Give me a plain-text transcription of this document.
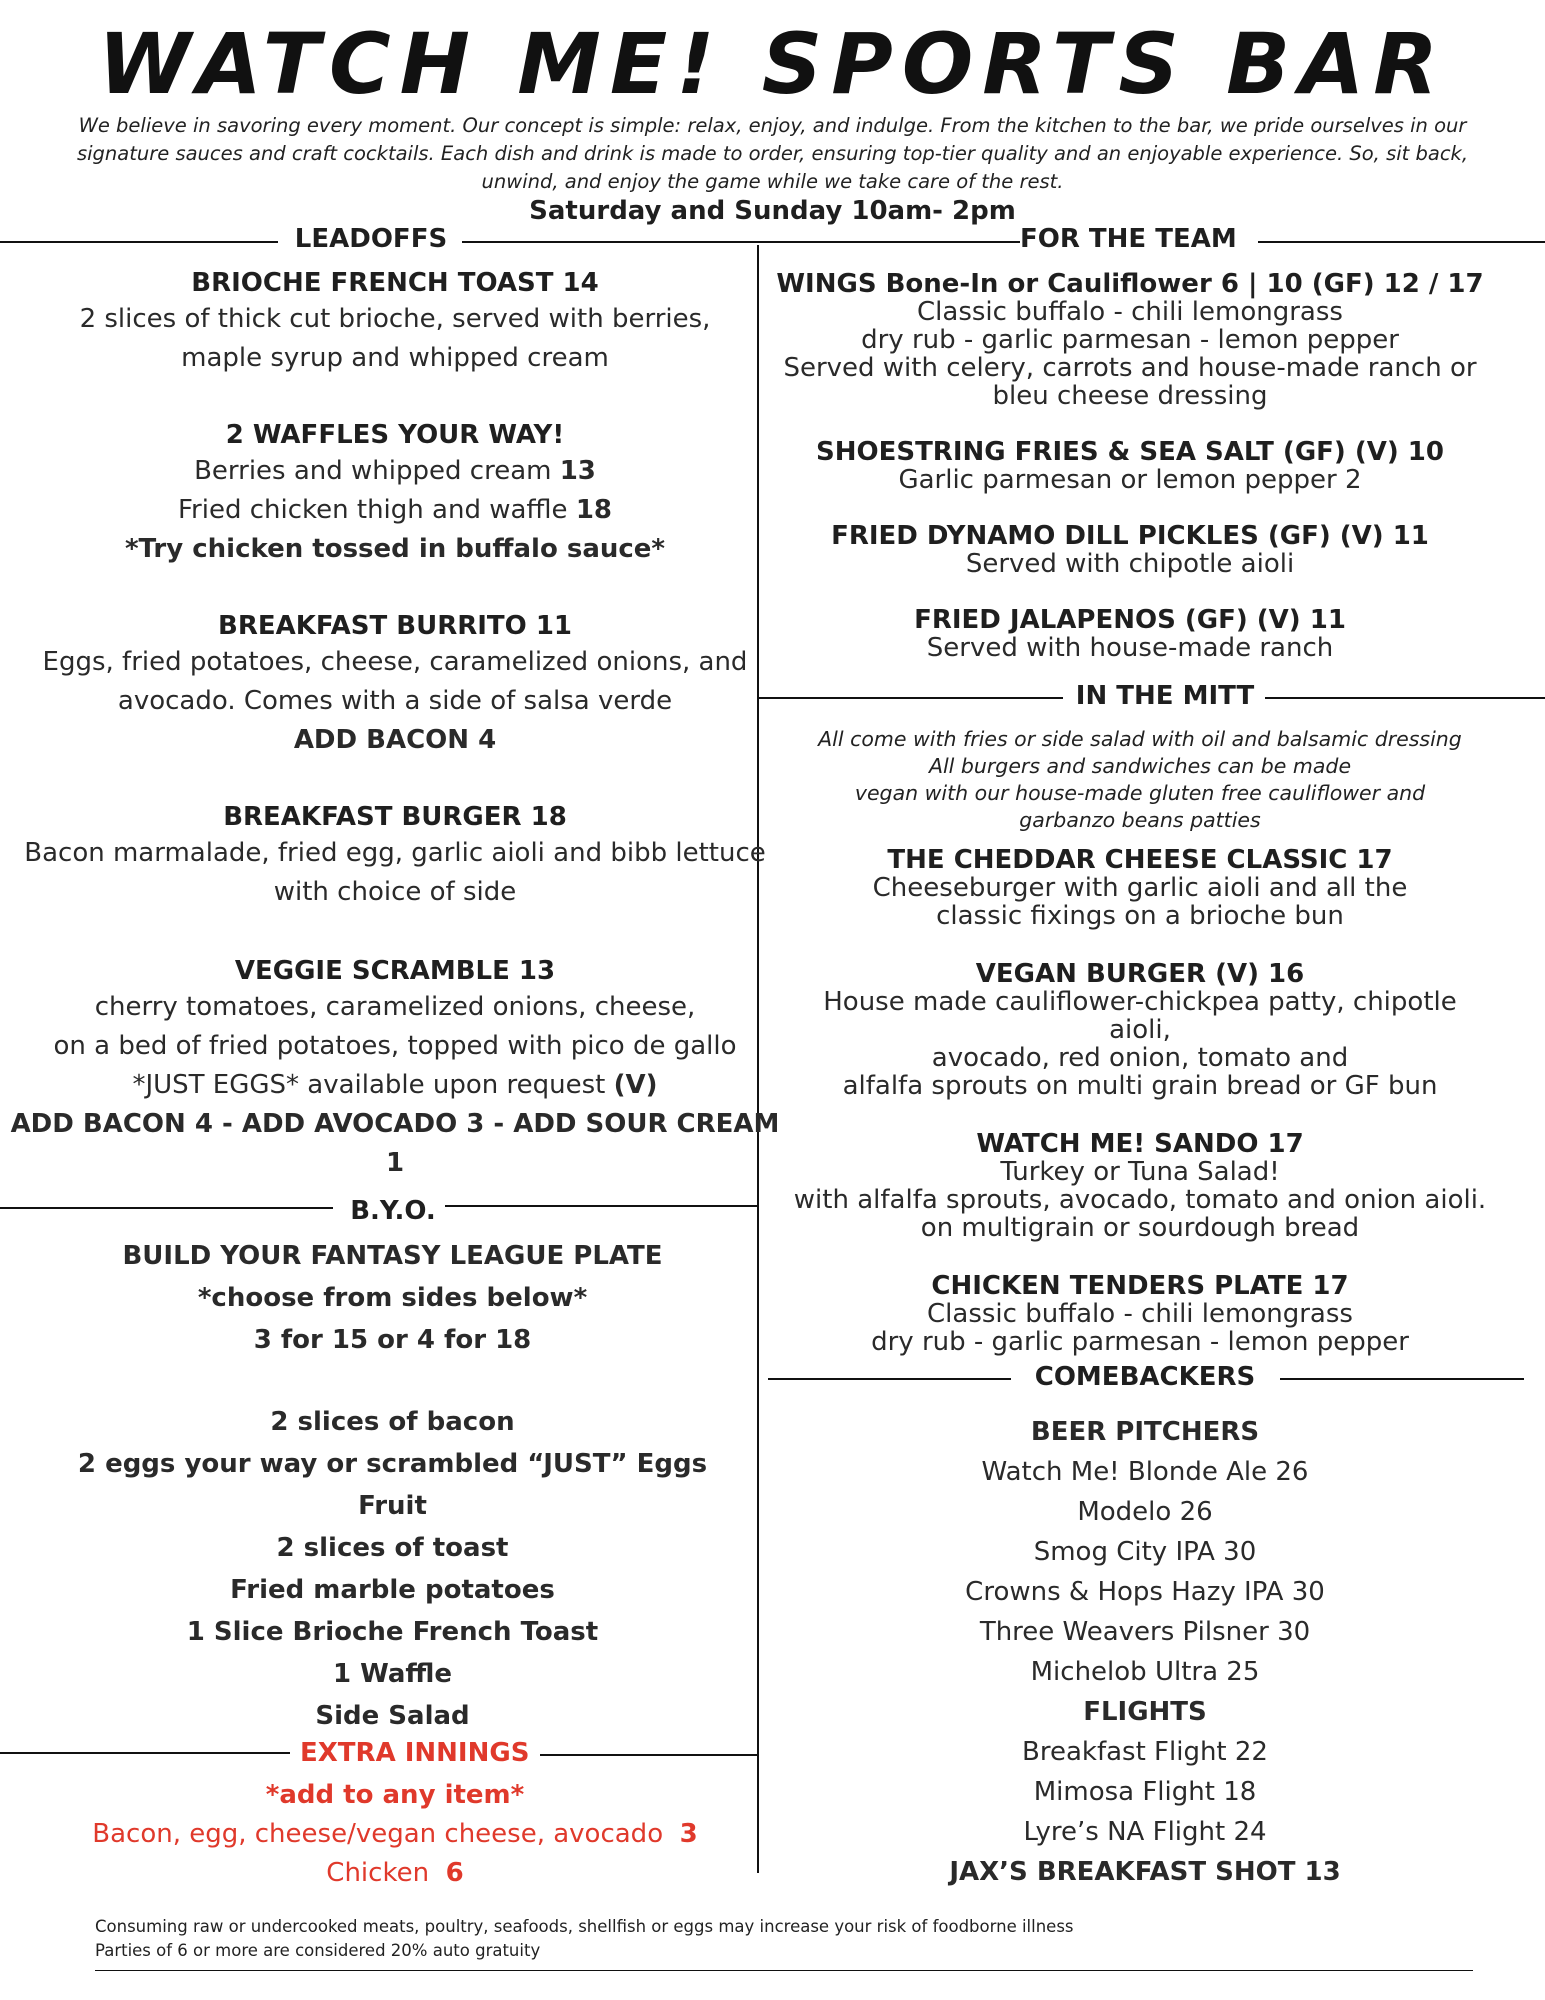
WATCH ME! SPORTS BAR
We believe in savoring every moment. Our concept is simple: relax, enjoy, and indulge. From the kitchen to the bar, we pride ourselves in our signature sauces and craft cocktails. Each dish and drink is made to order, ensuring top-tier quality and an enjoyable experience. So, sit back, unwind, and enjoy the game while we take care of the rest.
Saturday and Sunday 10am- 2pm
LEADOFFS
BRIOCHE FRENCH TOAST 14
2 slices of thick cut brioche, served with berries,
maple syrup and whipped cream
2 WAFFLES YOUR WAY!
Berries and whipped cream 13
Fried chicken thigh and waffle 18
*Try chicken tossed in buffalo sauce*
BREAKFAST BURRITO 11
Eggs, fried potatoes, cheese, caramelized onions, and
avocado. Comes with a side of salsa verde
ADD BACON 4
BREAKFAST BURGER 18
Bacon marmalade, fried egg, garlic aioli and bibb lettuce
with choice of side
VEGGIE SCRAMBLE 13
cherry tomatoes, caramelized onions, cheese,
on a bed of fried potatoes, topped with pico de gallo
*JUST EGGS* available upon request (V)
ADD BACON 4 - ADD AVOCADO 3 - ADD SOUR CREAM 1
B.Y.O.
BUILD YOUR FANTASY LEAGUE PLATE
*choose from sides below*
3 for 15 or 4 for 18
2 slices of bacon
2 eggs your way or scrambled “JUST” Eggs
Fruit
2 slices of toast
Fried marble potatoes
1 Slice Brioche French Toast
1 Waffle
Side Salad
EXTRA INNINGS
*add to any item*
Bacon, egg, cheese/vegan cheese, avocado 3
Chicken 6
FOR THE TEAM
WINGS Bone-In or Cauliflower 6 | 10 (GF) 12 / 17
Classic buffalo - chili lemongrass
dry rub - garlic parmesan - lemon pepper
Served with celery, carrots and house-made ranch or
bleu cheese dressing
SHOESTRING FRIES & SEA SALT (GF) (V) 10
Garlic parmesan or lemon pepper 2
FRIED DYNAMO DILL PICKLES (GF) (V) 11
Served with chipotle aioli
FRIED JALAPENOS (GF) (V) 11
Served with house-made ranch
IN THE MITT
All come with fries or side salad with oil and balsamic dressing
All burgers and sandwiches can be made
vegan with our house-made gluten free cauliflower and
garbanzo beans patties
THE CHEDDAR CHEESE CLASSIC 17
Cheeseburger with garlic aioli and all the
classic fixings on a brioche bun
VEGAN BURGER (V) 16
House made cauliflower-chickpea patty, chipotle aioli,
avocado, red onion, tomato and
alfalfa sprouts on multi grain bread or GF bun
WATCH ME! SANDO 17
Turkey or Tuna Salad!
with alfalfa sprouts, avocado, tomato and onion aioli.
on multigrain or sourdough bread
CHICKEN TENDERS PLATE 17
Classic buffalo - chili lemongrass
dry rub - garlic parmesan - lemon pepper
COMEBACKERS
BEER PITCHERS
Watch Me! Blonde Ale 26
Modelo 26
Smog City IPA 30
Crowns & Hops Hazy IPA 30
Three Weavers Pilsner 30
Michelob Ultra 25
FLIGHTS
Breakfast Flight 22
Mimosa Flight 18
Lyre’s NA Flight 24
JAX’S BREAKFAST SHOT 13
Consuming raw or undercooked meats, poultry, seafoods, shellfish or eggs may increase your risk of foodborne illness
Parties of 6 or more are considered 20% auto gratuity
